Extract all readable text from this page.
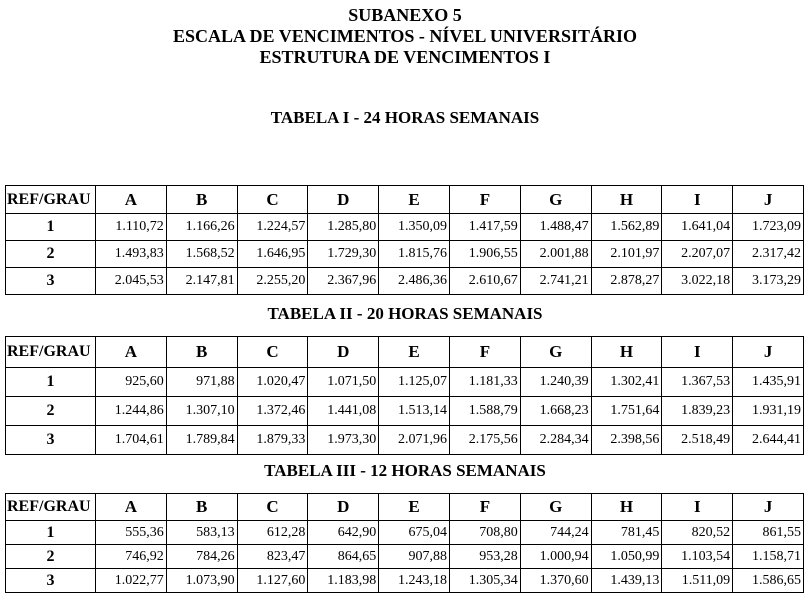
SUBANEXO 5
ESCALA DE VENCIMENTOS - NÍVEL UNIVERSITÁRIO
ESTRUTURA DE VENCIMENTOS I
TABELA I - 24 HORAS SEMANAIS
REF/GRAU	A	B	C	D	E	F	G	H	I	J
1	1.110,72	1.166,26	1.224,57	1.285,80	1.350,09	1.417,59	1.488,47	1.562,89	1.641,04	1.723,09
2	1.493,83	1.568,52	1.646,95	1.729,30	1.815,76	1.906,55	2.001,88	2.101,97	2.207,07	2.317,42
3	2.045,53	2.147,81	2.255,20	2.367,96	2.486,36	2.610,67	2.741,21	2.878,27	3.022,18	3.173,29
TABELA II - 20 HORAS SEMANAIS
REF/GRAU	A	B	C	D	E	F	G	H	I	J
1	925,60	971,88	1.020,47	1.071,50	1.125,07	1.181,33	1.240,39	1.302,41	1.367,53	1.435,91
2	1.244,86	1.307,10	1.372,46	1.441,08	1.513,14	1.588,79	1.668,23	1.751,64	1.839,23	1.931,19
3	1.704,61	1.789,84	1.879,33	1.973,30	2.071,96	2.175,56	2.284,34	2.398,56	2.518,49	2.644,41
TABELA III - 12 HORAS SEMANAIS
REF/GRAU	A	B	C	D	E	F	G	H	I	J
1	555,36	583,13	612,28	642,90	675,04	708,80	744,24	781,45	820,52	861,55
2	746,92	784,26	823,47	864,65	907,88	953,28	1.000,94	1.050,99	1.103,54	1.158,71
3	1.022,77	1.073,90	1.127,60	1.183,98	1.243,18	1.305,34	1.370,60	1.439,13	1.511,09	1.586,65
